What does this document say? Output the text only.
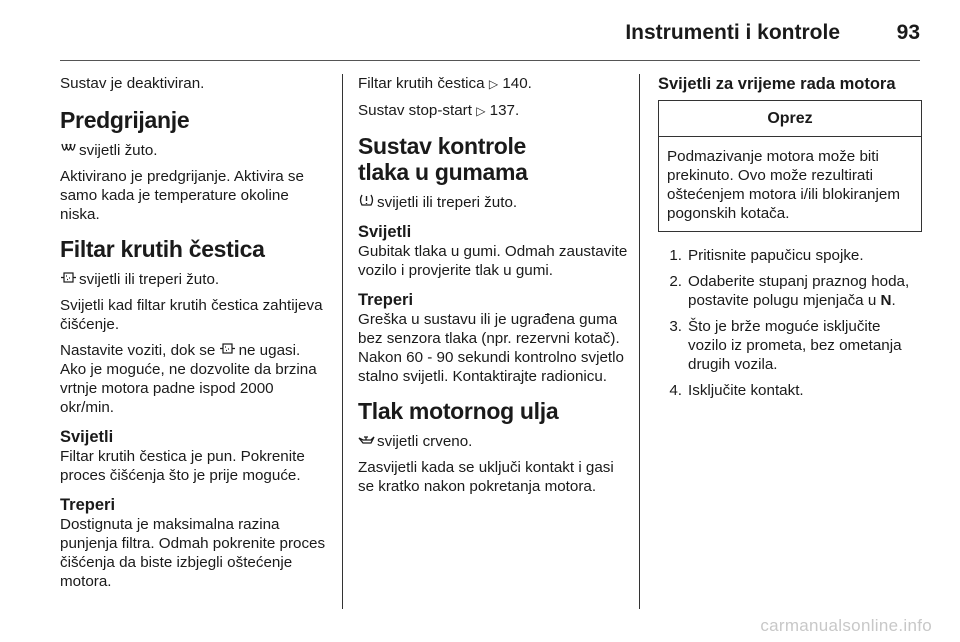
Instrumenti i kontrole	93

Sustav je deaktiviran.

Predgrijanje

svijetli žuto.

Aktivirano je predgrijanje. Aktivira se samo kada je temperature okoline niska.

Filtar krutih čestica

svijetli ili treperi žuto.

Svijetli kad filtar krutih čestica zahtijeva čišćenje.

Nastavite voziti, dok se ne ugasi. Ako je moguće, ne dozvolite da brzina vrtnje motora padne ispod 2000 okr/min.

Svijetli

Filtar krutih čestica je pun. Pokrenite proces čišćenja što je prije moguće.

Treperi

Dostignuta je maksimalna razina punjenja filtra. Odmah pokrenite proces čišćenja da biste izbjegli oštećenje motora.

Filtar krutih čestica ▷ 140.

Sustav stop-start ▷ 137.

Sustav kontrole tlaka u gumama

svijetli ili treperi žuto.

Svijetli

Gubitak tlaka u gumi. Odmah zaustavite vozilo i provjerite tlak u gumi.

Treperi

Greška u sustavu ili je ugrađena guma bez senzora tlaka (npr. rezervni kotač). Nakon 60 - 90 sekundi kontrolno svjetlo stalno svijetli. Kontaktirajte radionicu.

Tlak motornog ulja

svijetli crveno.

Zasvijetli kada se uključi kontakt i gasi se kratko nakon pokretanja motora.

Svijetli za vrijeme rada motora
Oprez
Podmazivanje motora može biti prekinuto. Ovo može rezultirati oštećenjem motora i/ili blokiranjem pogonskih kotača.
1. Pritisnite papučicu spojke.
2. Odaberite stupanj praznog hoda, postavite polugu mjenjača u N.
3. Što je brže moguće isključite vozilo iz prometa, bez ometanja drugih vozila.
4. Isključite kontakt.
carmanualsonline.info
